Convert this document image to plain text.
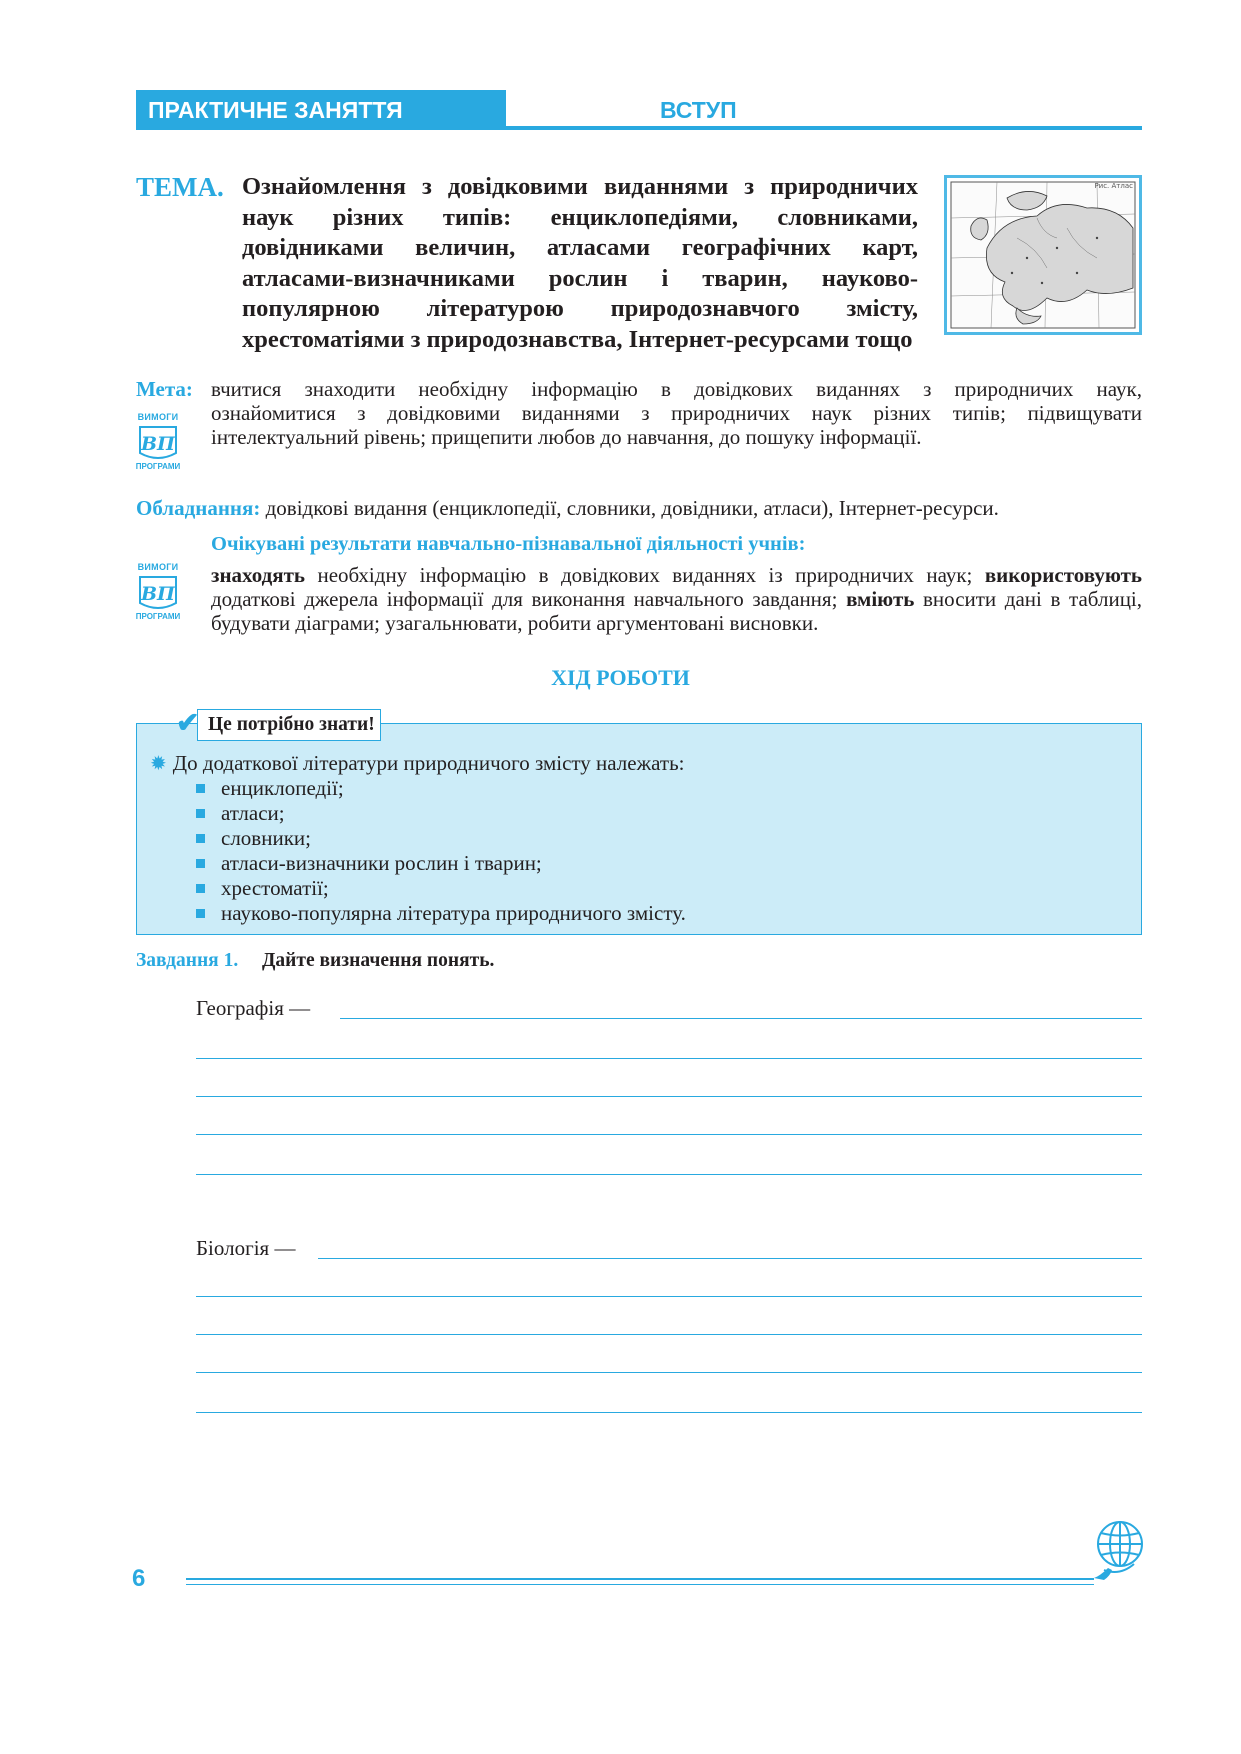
ПРАКТИЧНЕ ЗАНЯТТЯ	ВСТУП
ТЕМА. Ознайомлення з довідковими виданнями з природничих наук різних типів: енциклопедіями, словниками, довідниками величин, атласами географічних карт, атласами-визначниками рослин і тварин, науково-популярною літературою природознавчого змісту, хрестоматіями з природознавства, Інтернет-ресурсами тощо
Рис. Атлас
Мета: вчитися знаходити необхідну інформацію в довідкових виданнях з природничих наук,
ознайомитися з довідковими виданнями з природничих наук різних типів; підвищувати
інтелектуальний рівень; прищепити любов до навчання, до пошуку інформації.
ВИМОГИ
ВП
ПРОГРАМИ
Обладнання: довідкові видання (енциклопедії, словники, довідники, атласи), Інтернет-ресурси.
Очікувані результати навчально-пізнавальної діяльності учнів:
ВИМОГИ
ВП
ПРОГРАМИ
знаходять необхідну інформацію в довідкових виданнях із природничих наук; використовують додаткові джерела інформації для виконання навчального завдання; вміють вносити дані в таблиці, будувати діаграми; узагальнювати, робити аргументовані висновки.
ХІД РОБОТИ
Це потрібно знати!
✔
✹ До додаткової літератури природничого змісту належать:
енциклопедії;
атласи;
словники;
атласи-визначники рослин і тварин;
хрестоматії;
науково-популярна література природничого змісту.
Завдання 1. Дайте визначення понять.
Географія —
Біологія —
6
